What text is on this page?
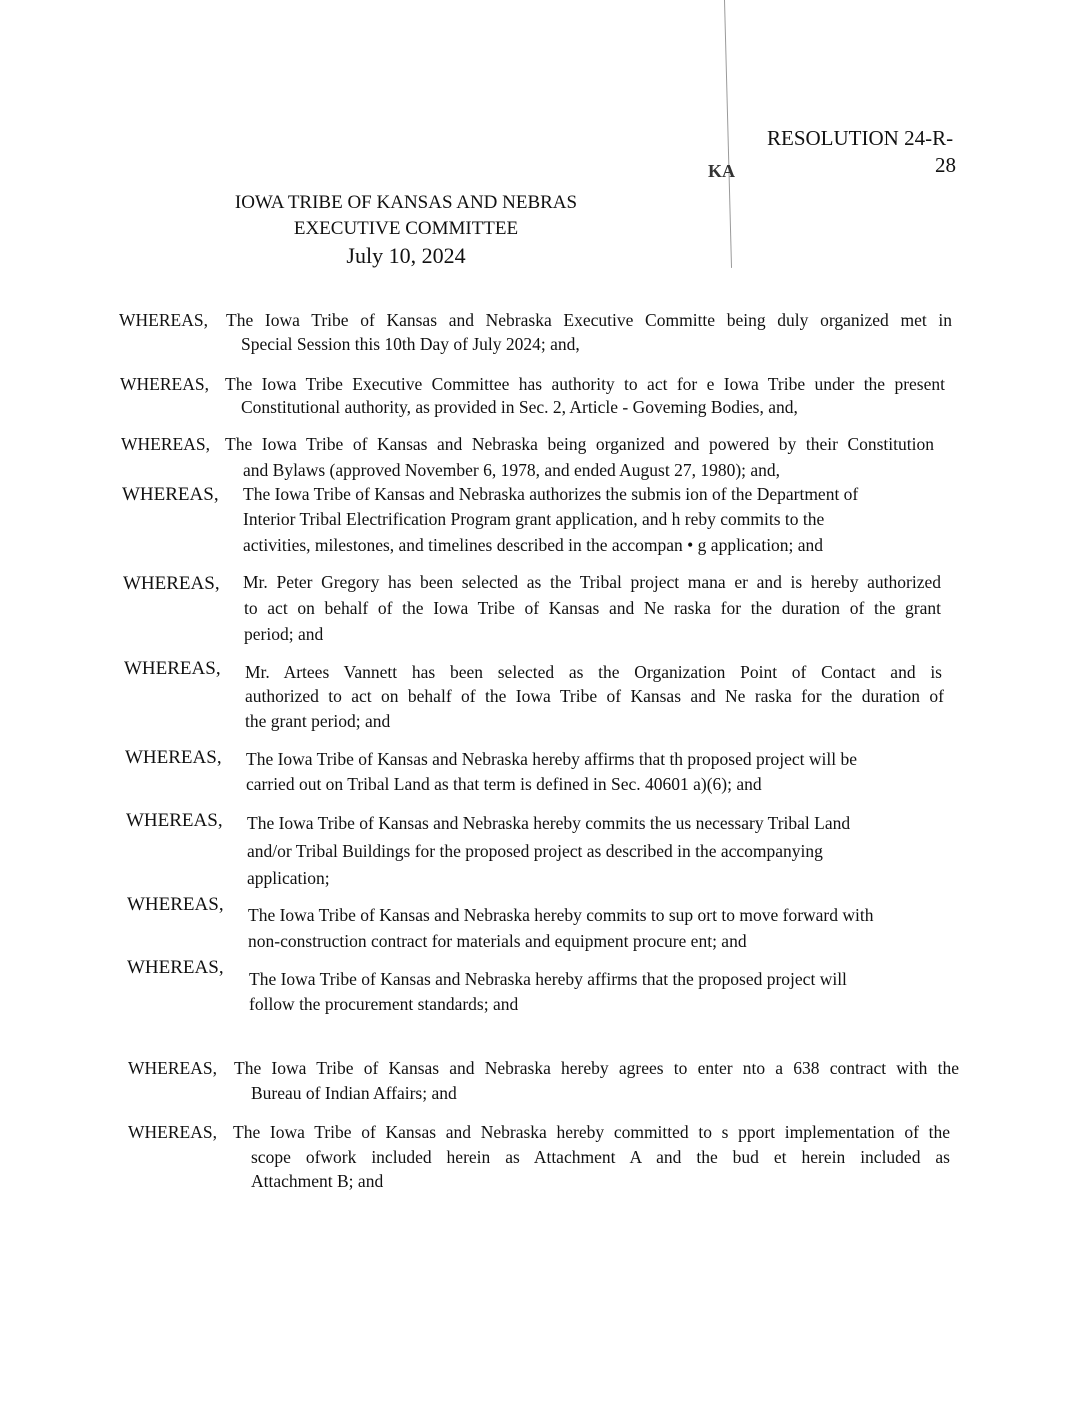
KA
RESOLUTION 24-R-
28
IOWA TRIBE OF KANSAS AND NEBRAS
EXECUTIVE COMMITTEE
July 10, 2024
WHEREAS, The Iowa Tribe of Kansas and Nebraska Executive Committe being duly organized met in
Special Session this 10th Day of July 2024; and,
WHEREAS, The Iowa Tribe Executive Committee has authority to act for e Iowa Tribe under the present
Constitutional authority, as provided in Sec. 2, Article - Goveming Bodies, and,
WHEREAS, The Iowa Tribe of Kansas and Nebraska being organized and powered by their Constitution
and Bylaws (approved November 6, 1978, and ended August 27, 1980); and,
WHEREAS, The Iowa Tribe of Kansas and Nebraska authorizes the submis ion of the Department of
Interior Tribal Electrification Program grant application, and h reby commits to the
activities, milestones, and timelines described in the accompan • g application; and
WHEREAS, Mr. Peter Gregory has been selected as the Tribal project mana er and is hereby authorized
to act on behalf of the Iowa Tribe of Kansas and Ne raska for the duration of the grant
period; and
WHEREAS, Mr. Artees Vannett has been selected as the Organization Point of Contact and is
authorized to act on behalf of the Iowa Tribe of Kansas and Ne raska for the duration of
the grant period; and
WHEREAS, The Iowa Tribe of Kansas and Nebraska hereby affirms that th proposed project will be
carried out on Tribal Land as that term is defined in Sec. 40601 a)(6); and
WHEREAS, The Iowa Tribe of Kansas and Nebraska hereby commits the us necessary Tribal Land
and/or Tribal Buildings for the proposed project as described in the accompanying
application;
WHEREAS, The Iowa Tribe of Kansas and Nebraska hereby commits to sup ort to move forward with
non-construction contract for materials and equipment procure ent; and
WHEREAS,
The Iowa Tribe of Kansas and Nebraska hereby affirms that the proposed project will
follow the procurement standards; and
WHEREAS, The Iowa Tribe of Kansas and Nebraska hereby agrees to enter nto a 638 contract with the
Bureau of Indian Affairs; and
WHEREAS, The Iowa Tribe of Kansas and Nebraska hereby committed to s pport implementation of the
scope ofwork included herein as Attachment A and the bud et herein included as
Attachment B; and
